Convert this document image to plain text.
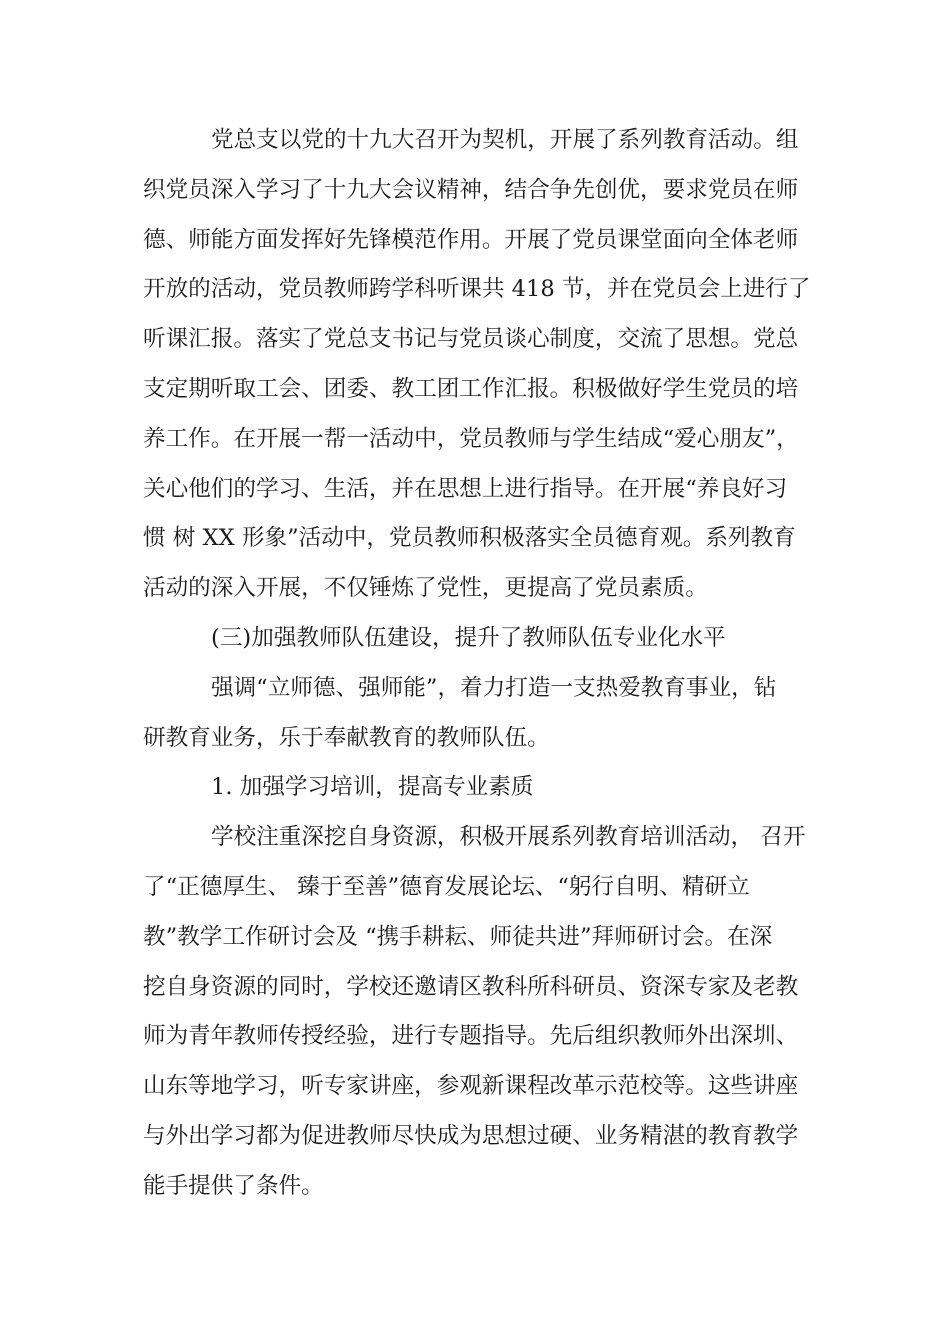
党总支以党的十九大召开为契机，开展了系列教育活动。组
织党员深入学习了十九大会议精神，结合争先创优，要求党员在师
德、师能方面发挥好先锋模范作用。开展了党员课堂面向全体老师
开放的活动，党员教师跨学科听课共 418 节，并在党员会上进行了
听课汇报。落实了党总支书记与党员谈心制度，交流了思想。党总
支定期听取工会、团委、教工团工作汇报。积极做好学生党员的培
养工作。在开展一帮一活动中，党员教师与学生结成“爱心朋友”，
关心他们的学习、生活，并在思想上进行指导。在开展“养良好习
惯 树 XX 形象”活动中，党员教师积极落实全员德育观。系列教育
活动的深入开展，不仅锤炼了党性，更提高了党员素质。
(三)加强教师队伍建设，提升了教师队伍专业化水平
强调“立师德、强师能”，着力打造一支热爱教育事业，钻
研教育业务，乐于奉献教育的教师队伍。
1. 加强学习培训，提高专业素质
学校注重深挖自身资源，积极开展系列教育培训活动， 召开
了“正德厚生、 臻于至善”德育发展论坛、“躬行自明、精研立
教”教学工作研讨会及 “携手耕耘、师徒共进”拜师研讨会。在深
挖自身资源的同时，学校还邀请区教科所科研员、资深专家及老教
师为青年教师传授经验，进行专题指导。先后组织教师外出深圳、
山东等地学习，听专家讲座，参观新课程改革示范校等。这些讲座
与外出学习都为促进教师尽快成为思想过硬、业务精湛的教育教学
能手提供了条件。
